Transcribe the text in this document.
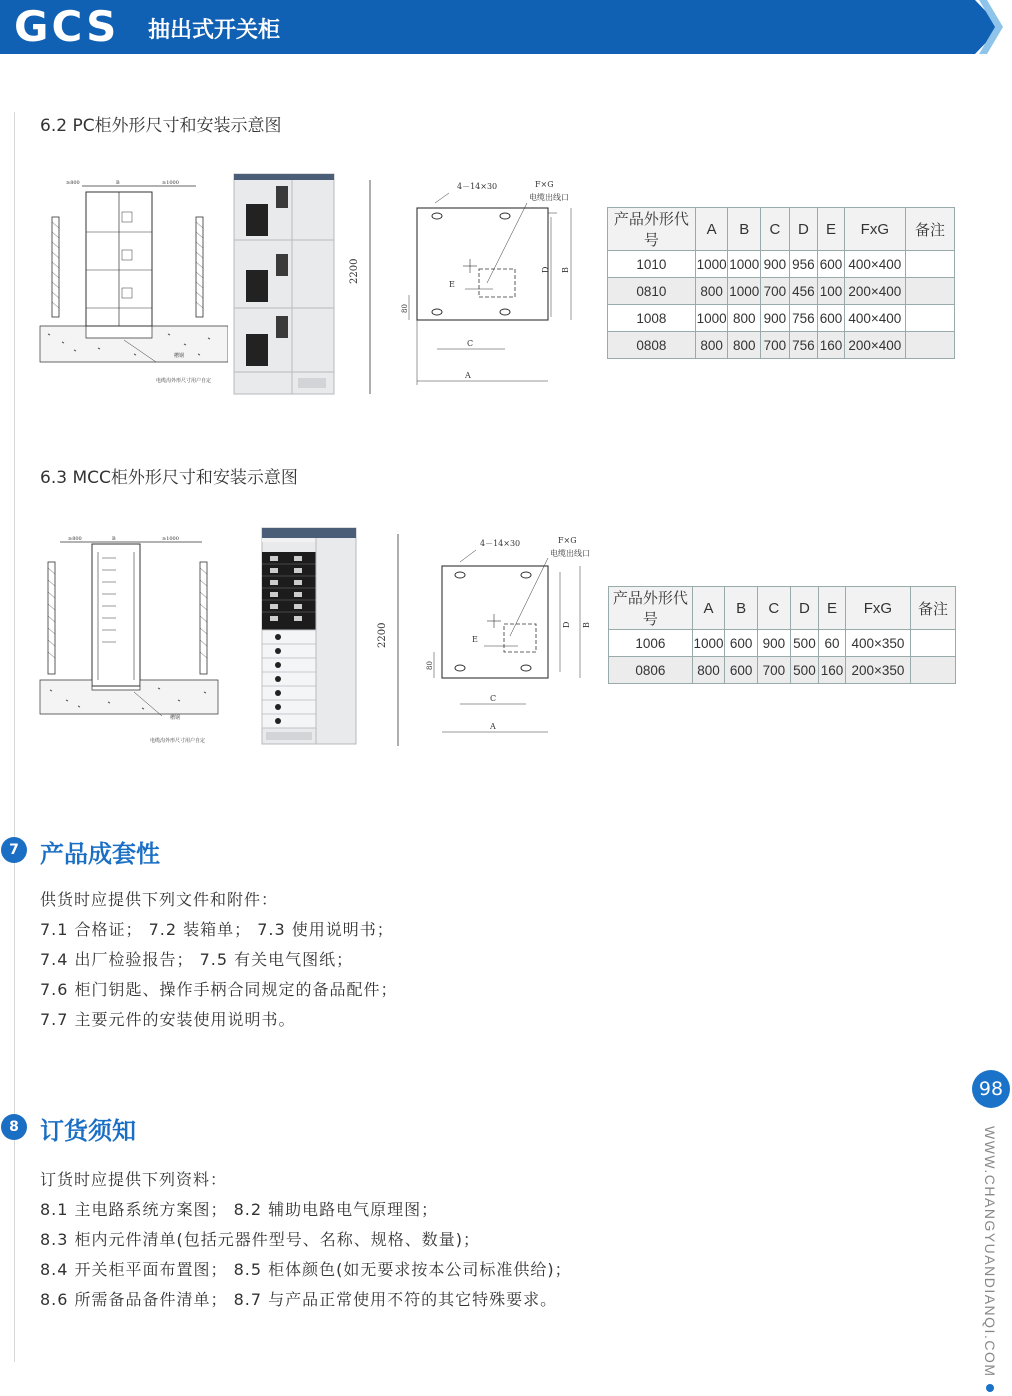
GCS 抽出式开关柜
6.2 PC柜外形尺寸和安装示意图
≥800	B	≥1000
槽钢
电缆沟外形尺寸用户自定
2200
4－14×30	F×G
电缆出线口
E
D B
80
C
A
产品外形代号	A	B	C	D	E	FxG	备注
1010	1000	1000	900	956	600	400×400	
0810	800	1000	700	456	100	200×400	
1008	1000	800	900	756	600	400×400	
0808	800	800	700	756	160	200×400	
6.3 MCC柜外形尺寸和安装示意图
≥800	B	≥1000
槽钢
电缆沟外形尺寸用户自定
2200
4－14×30	F×G
电缆出线口
E
D B
80
C
A
产品外形代号	A	B	C	D	E	FxG	备注
1006	1000	600	900	500	60	400×350	
0806	800	600	700	500	160	200×350	
7 产品成套性
供货时应提供下列文件和附件：
7.1 合格证； 7.2 装箱单； 7.3 使用说明书；
7.4 出厂检验报告； 7.5 有关电气图纸；
7.6 柜门钥匙、操作手柄合同规定的备品配件；
7.7 主要元件的安装使用说明书。
8 订货须知
订货时应提供下列资料：
8.1 主电路系统方案图； 8.2 辅助电路电气原理图；
8.3 柜内元件清单(包括元器件型号、名称、规格、数量)；
8.4 开关柜平面布置图； 8.5 柜体颜色(如无要求按本公司标准供给)；
8.6 所需备品备件清单； 8.7 与产品正常使用不符的其它特殊要求。
98
WWW.CHANGYUANDIANQI.COM
